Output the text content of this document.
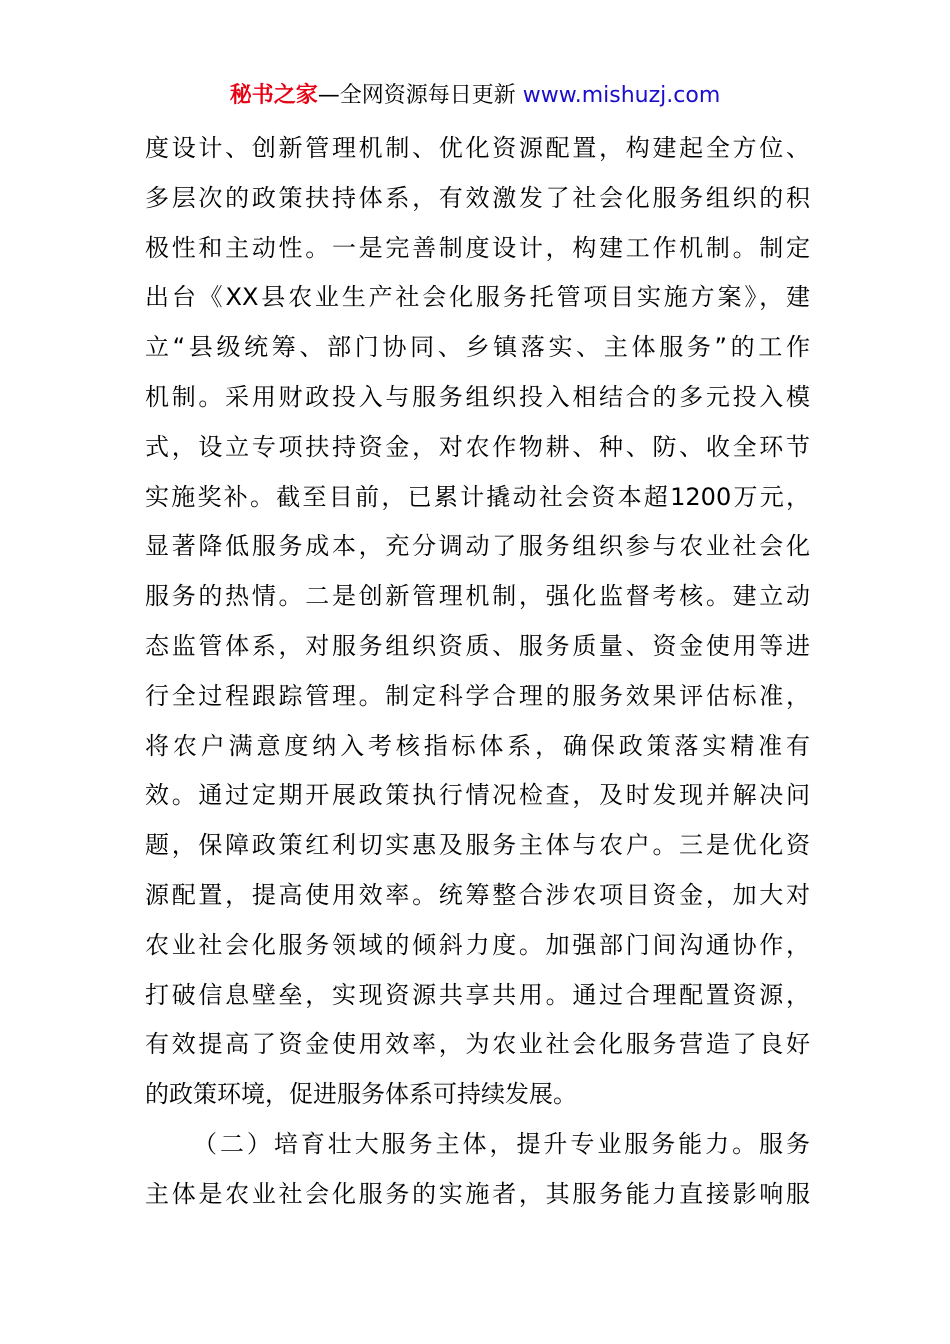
秘书之家—全网资源每日更新 www.mishuzj.com
度设计、创新管理机制、优化资源配置，构建起全方位、
多层次的政策扶持体系，有效激发了社会化服务组织的积
极性和主动性。一是完善制度设计，构建工作机制。制定
出台《XX县农业生产社会化服务托管项目实施方案》，建
立“县级统筹、部门协同、乡镇落实、主体服务”的工作
机制。采用财政投入与服务组织投入相结合的多元投入模
式，设立专项扶持资金，对农作物耕、种、防、收全环节
实施奖补。截至目前，已累计撬动社会资本超1200万元，
显著降低服务成本，充分调动了服务组织参与农业社会化
服务的热情。二是创新管理机制，强化监督考核。建立动
态监管体系，对服务组织资质、服务质量、资金使用等进
行全过程跟踪管理。制定科学合理的服务效果评估标准，
将农户满意度纳入考核指标体系，确保政策落实精准有
效。通过定期开展政策执行情况检查，及时发现并解决问
题，保障政策红利切实惠及服务主体与农户。三是优化资
源配置，提高使用效率。统筹整合涉农项目资金，加大对
农业社会化服务领域的倾斜力度。加强部门间沟通协作，
打破信息壁垒，实现资源共享共用。通过合理配置资源，
有效提高了资金使用效率，为农业社会化服务营造了良好
的政策环境，促进服务体系可持续发展。
（二）培育壮大服务主体，提升专业服务能力。服务
主体是农业社会化服务的实施者，其服务能力直接影响服
